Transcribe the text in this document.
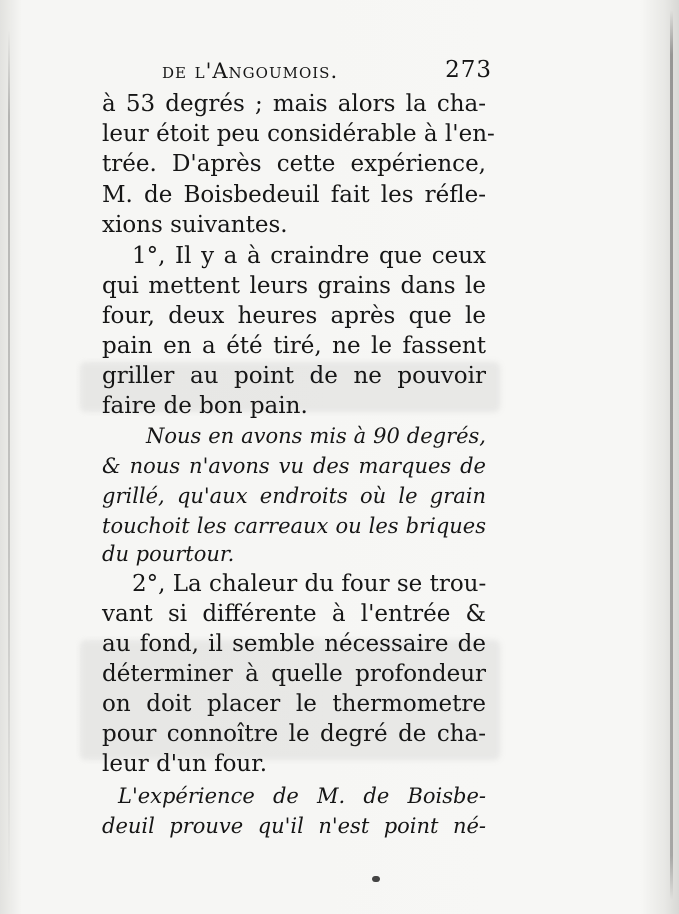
de l'Angoumois.	273
à 53 degrés ; mais alors la cha-
leur étoit peu considérable à l'en-
trée. D'après cette expérience,
M. de Boisbedeuil fait les réfle-
xions suivantes.
1°, Il y a à craindre que ceux
qui mettent leurs grains dans le
four, deux heures après que le
pain en a été tiré, ne le fassent
griller au point de ne pouvoir
faire de bon pain.
Nous en avons mis à 90 degrés,
& nous n'avons vu des marques de
grillé, qu'aux endroits où le grain
touchoit les carreaux ou les briques
du pourtour.
2°, La chaleur du four se trou-
vant si différente à l'entrée &
au fond, il semble nécessaire de
déterminer à quelle profondeur
on doit placer le thermometre
pour connoître le degré de cha-
leur d'un four.
L'expérience de M. de Boisbe-
deuil prouve qu'il n'est point né-
